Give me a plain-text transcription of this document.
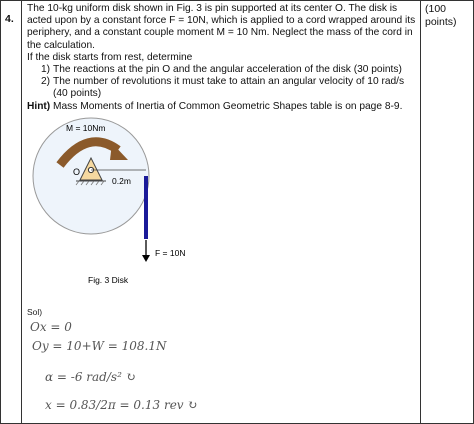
4.
(100
points)

The 10-kg uniform disk shown in Fig. 3 is pin supported at its center O. The disk is

acted upon by a constant force F = 10N, which is applied to a cord wrapped around its

periphery, and a constant couple moment M = 10 Nm. Neglect the mass of the cord in

the calculation.

If the disk starts from rest, determine

1) The reactions at the pin O and the angular acceleration of the disk (30 points)
2) The number of revolutions it must take to attain an angular velocity of 10 rad/s
(40 points)

Hint) Mass Moments of Inertia of Common Geometric Shapes table is on page 8-9.

M = 10Nm
O
0.2m
F = 10N
Fig. 3 Disk
Sol)
Ox = 0
Oy = 10+W = 108.1N
α = -6 rad/s² ↻
x = 0.83/2π = 0.13 rev ↻
